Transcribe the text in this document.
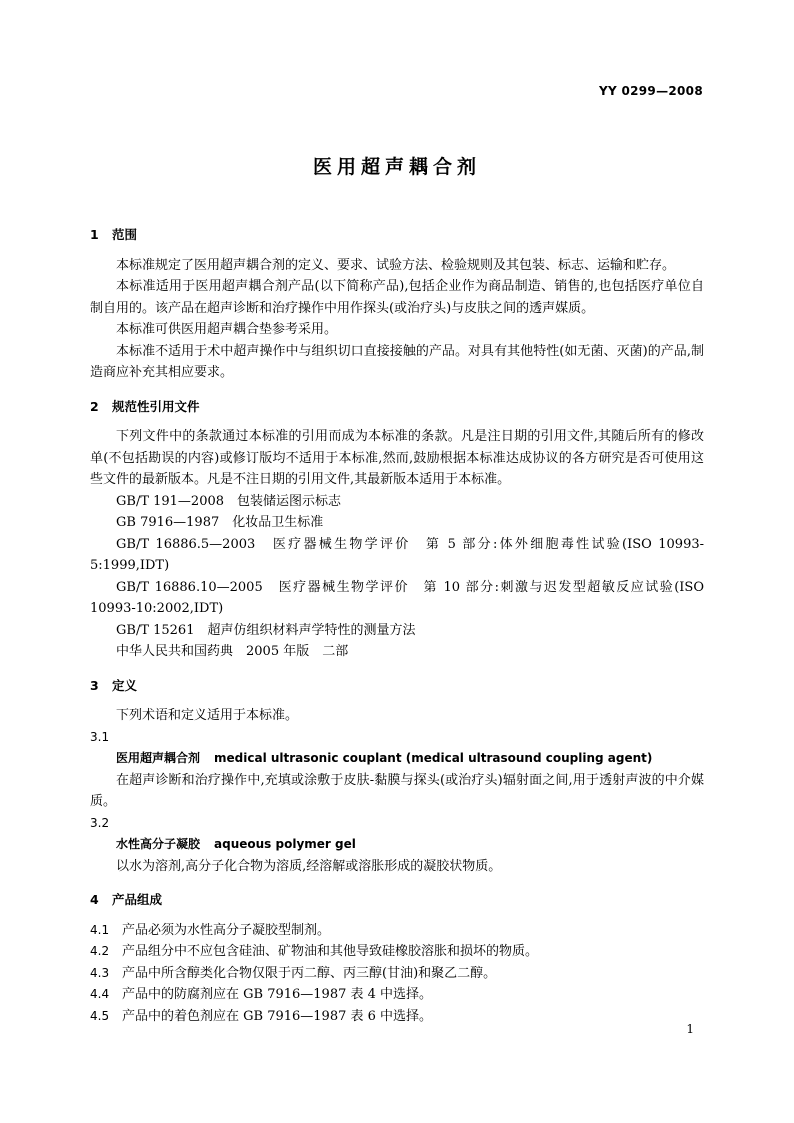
YY 0299—2008
医用超声耦合剂
1	范围

本标准规定了医用超声耦合剂的定义、要求、试验方法、检验规则及其包装、标志、运输和贮存。

本标准适用于医用超声耦合剂产品(以下简称产品),包括企业作为商品制造、销售的,也包括医疗单位自制自用的。该产品在超声诊断和治疗操作中用作探头(或治疗头)与皮肤之间的透声媒质。

本标准可供医用超声耦合垫参考采用。

本标准不适用于术中超声操作中与组织切口直接接触的产品。对具有其他特性(如无菌、灭菌)的产品,制造商应补充其相应要求。

2	规范性引用文件

下列文件中的条款通过本标准的引用而成为本标准的条款。凡是注日期的引用文件,其随后所有的修改单(不包括勘误的内容)或修订版均不适用于本标准,然而,鼓励根据本标准达成协议的各方研究是否可使用这些文件的最新版本。凡是不注日期的引用文件,其最新版本适用于本标准。

GB/T 191—2008　包装储运图示标志

GB 7916—1987　化妆品卫生标准

GB/T 16886.5—2003　医疗器械生物学评价　第 5 部分:体外细胞毒性试验(ISO 10993-5:1999,IDT)

GB/T 16886.10—2005　医疗器械生物学评价　第 10 部分:刺激与迟发型超敏反应试验(ISO 10993-10:2002,IDT)

GB/T 15261　超声仿组织材料声学特性的测量方法

中华人民共和国药典　2005 年版　二部

3	定义

下列术语和定义适用于本标准。

3.1

医用超声耦合剂 medical ultrasonic couplant (medical ultrasound coupling agent)

在超声诊断和治疗操作中,充填或涂敷于皮肤-黏膜与探头(或治疗头)辐射面之间,用于透射声波的中介媒质。

3.2

水性高分子凝胶 aqueous polymer gel

以水为溶剂,高分子化合物为溶质,经溶解或溶胀形成的凝胶状物质。

4	产品组成

4.1 产品必须为水性高分子凝胶型制剂。

4.2 产品组分中不应包含硅油、矿物油和其他导致硅橡胶溶胀和损坏的物质。

4.3 产品中所含醇类化合物仅限于丙二醇、丙三醇(甘油)和聚乙二醇。

4.4 产品中的防腐剂应在 GB 7916—1987 表 4 中选择。

4.5 产品中的着色剂应在 GB 7916—1987 表 6 中选择。

1
